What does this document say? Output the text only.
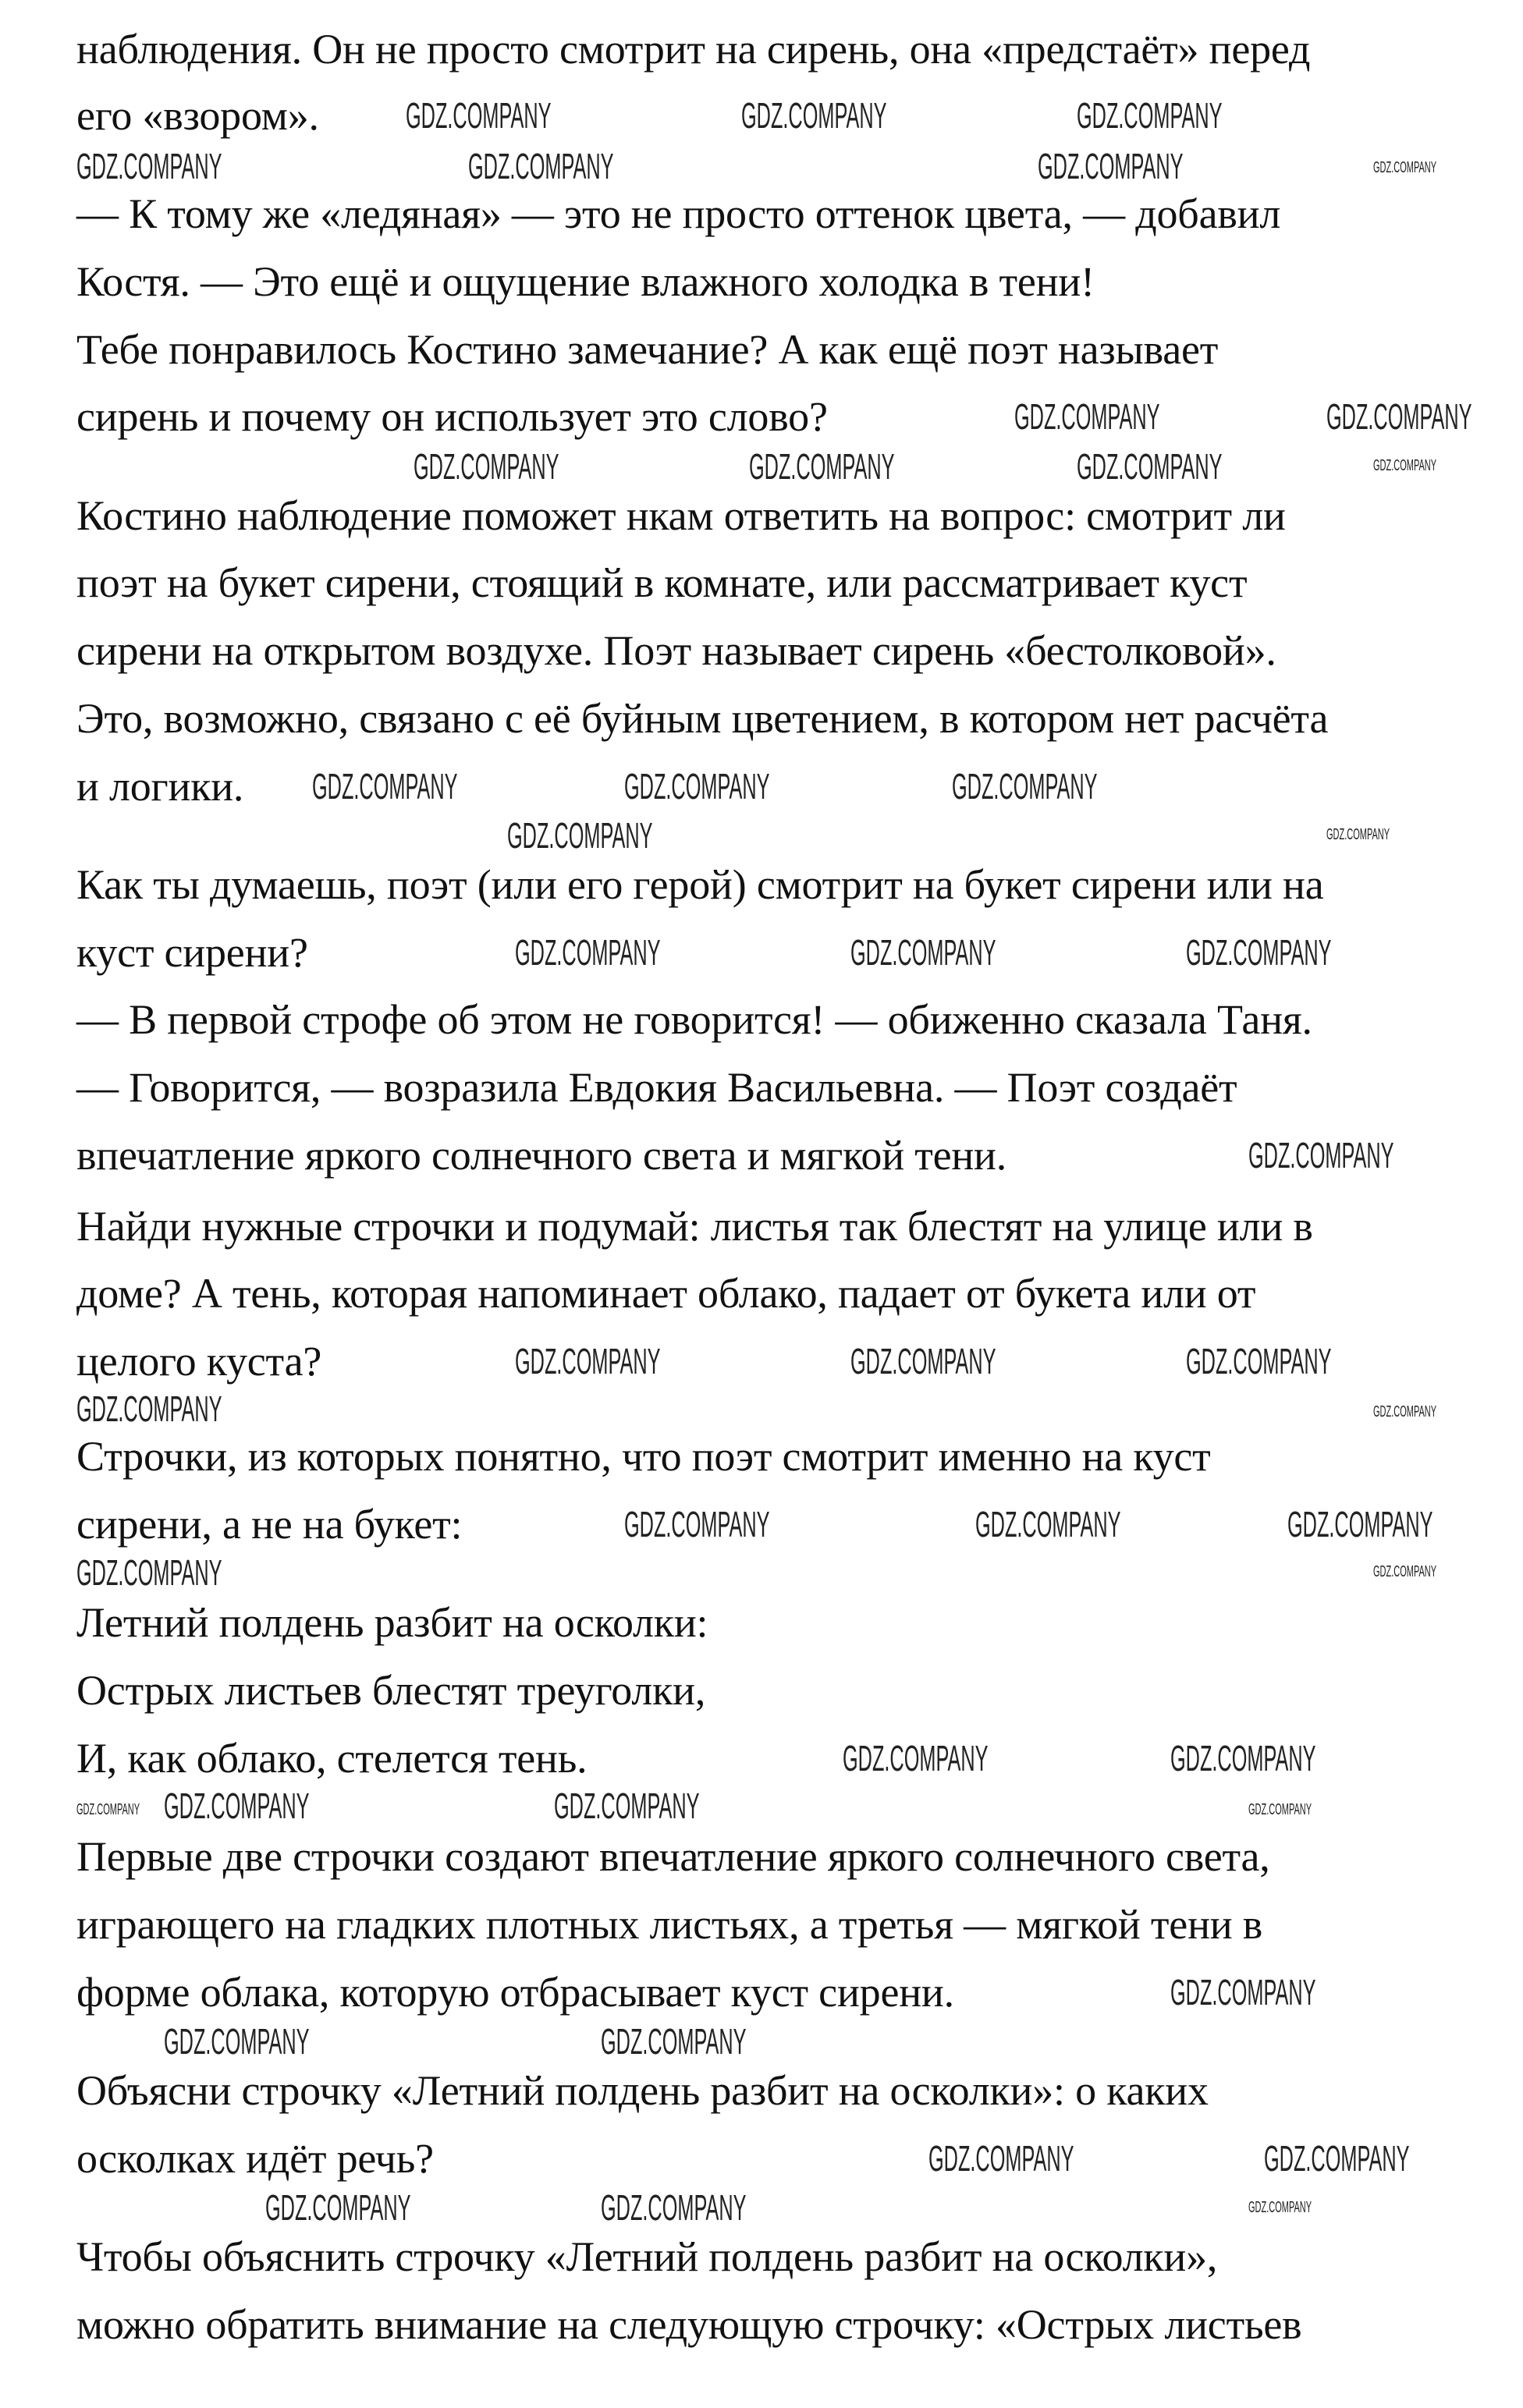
наблюдения. Он не просто смотрит на сирень, она «предстаёт» перед
его «взором».
— К тому же «ледяная» — это не просто оттенок цвета, — добавил
Костя. — Это ещё и ощущение влажного холодка в тени!
Тебе понравилось Костино замечание? А как ещё поэт называет
сирень и почему он использует это слово?
Костино наблюдение поможет нкам ответить на вопрос: смотрит ли
поэт на букет сирени, стоящий в комнате, или рассматривает куст
сирени на открытом воздухе. Поэт называет сирень «бестолковой».
Это, возможно, связано с её буйным цветением, в котором нет расчёта
и логики.
Как ты думаешь, поэт (или его герой) смотрит на букет сирени или на
куст сирени?
— В первой строфе об этом не говорится! — обиженно сказала Таня.
— Говорится, — возразила Евдокия Васильевна. — Поэт создаёт
впечатление яркого солнечного света и мягкой тени.
Найди нужные строчки и подумай: листья так блестят на улице или в
доме? А тень, которая напоминает облако, падает от букета или от
целого куста?
Строчки, из которых понятно, что поэт смотрит именно на куст
сирени, а не на букет:
Летний полдень разбит на осколки:
Острых листьев блестят треуголки,
И, как облако, стелется тень.
Первые две строчки создают впечатление яркого солнечного света,
играющего на гладких плотных листьях, а третья — мягкой тени в
форме облака, которую отбрасывает куст сирени.
Объясни строчку «Летний полдень разбит на осколки»: о каких
осколках идёт речь?
Чтобы объяснить строчку «Летний полдень разбит на осколки»,
можно обратить внимание на следующую строчку: «Острых листьев
GDZ.COMPANY	GDZ.COMPANY	GDZ.COMPANY
GDZ.COMPANY	GDZ.COMPANY	GDZ.COMPANY
GDZ.COMPANY	GDZ.COMPANY
GDZ.COMPANY	GDZ.COMPANY	GDZ.COMPANY
GDZ.COMPANY	GDZ.COMPANY	GDZ.COMPANY
GDZ.COMPANY
GDZ.COMPANY	GDZ.COMPANY	GDZ.COMPANY
GDZ.COMPANY
GDZ.COMPANY	GDZ.COMPANY	GDZ.COMPANY
GDZ.COMPANY
GDZ.COMPANY	GDZ.COMPANY	GDZ.COMPANY
GDZ.COMPANY
GDZ.COMPANY	GDZ.COMPANY
GDZ.COMPANY	GDZ.COMPANY
GDZ.COMPANY
GDZ.COMPANY	GDZ.COMPANY
GDZ.COMPANY	GDZ.COMPANY
GDZ.COMPANY	GDZ.COMPANY
GDZ.COMPANY
GDZ.COMPANY
GDZ.COMPANY
GDZ.COMPANY
GDZ.COMPANY
GDZ.COMPANY	GDZ.COMPANY
GDZ.COMPANY
